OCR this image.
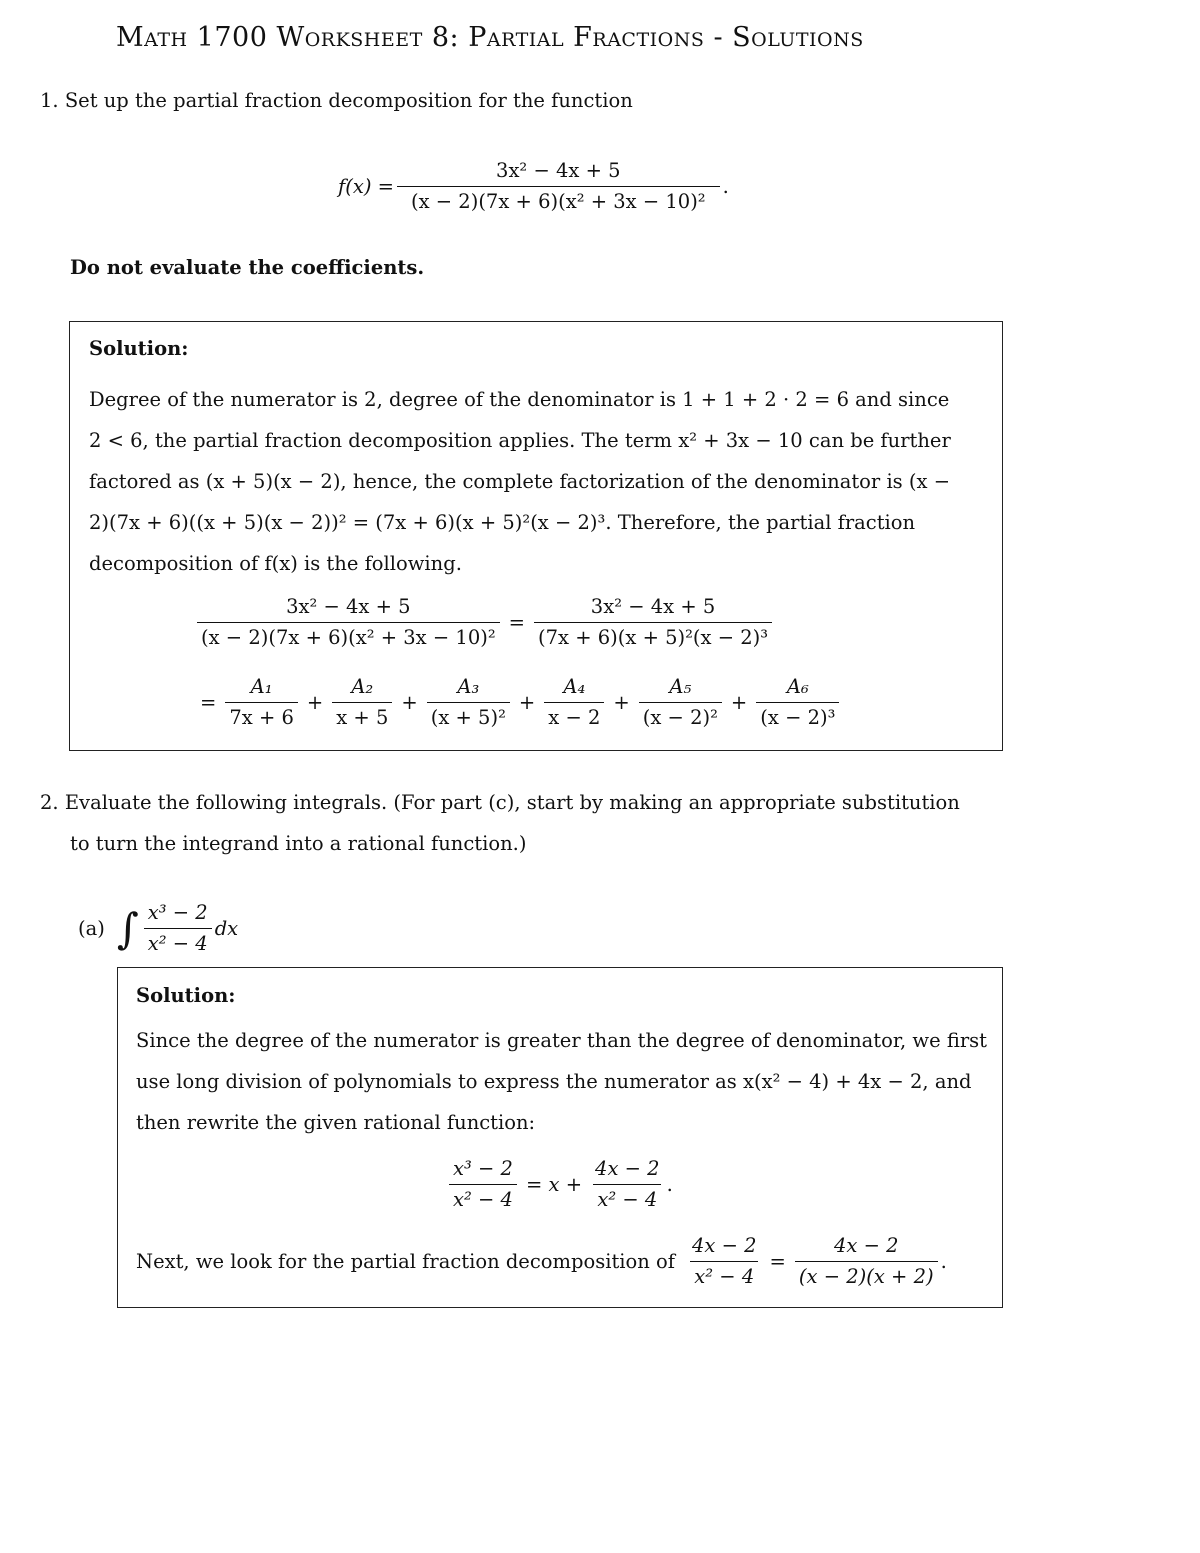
Math 1700 Worksheet 8: Partial Fractions - Solutions
1. Set up the partial fraction decomposition for the function
$f(x) = \frac{\text{3x² − 4x + 5}}{\text{(x − 2)(7x + 6)(x² + 3x − 10)²}}$ .
Do not evaluate the coefficients.
Solution:
Degree of the numerator is 2, degree of the denominator is 1 + 1 + 2 · 2 = 6 and since
2 < 6, the partial fraction decomposition applies. The term x² + 3x − 10 can be further
factored as (x + 5)(x − 2), hence, the complete factorization of the denominator is (x −
2)(7x + 6)((x + 5)(x − 2))² = (7x + 6)(x + 5)²(x − 2)³. Therefore, the partial fraction
decomposition of f(x) is the following.
$\frac{\text{3x² − 4x + 5}}{\text{(x − 2)(7x + 6)(x² + 3x − 10)²}} = \frac{\text{3x² − 4x + 5}}{\text{(7x + 6)(x + 5)²(x − 2)³}}$
= $\frac{\text{A₁}}{7x + 6} + \frac{\text{A₂}}{x + 5} + \frac{\text{A₃}}{\text{(x + 5)²}} + \frac{\text{A₄}}{x - 2} + \frac{\text{A₅}}{\text{(x − 2)²}} + \frac{\text{A₆}}{\text{(x − 2)³}}$
2. Evaluate the following integrals. (For part (c), start by making an appropriate substitution
to turn the integrand into a rational function.)
(a) ∫ $\frac{\text{x³ − 2}}{\text{x² − 4}}$ dx
Solution:
Since the degree of the numerator is greater than the degree of denominator, we first
use long division of polynomials to express the numerator as x(x² − 4) + 4x − 2, and
then rewrite the given rational function:
$\frac{\text{x³ − 2}}{\text{x² − 4}} = x + \frac{4x - 2}{\text{x² − 4}}$ .
Next, we look for the partial fraction decomposition of $\frac{4x - 2}{\text{x² − 4}} = \frac{4x - 2}{(x - 2)(x + 2)}$ .
